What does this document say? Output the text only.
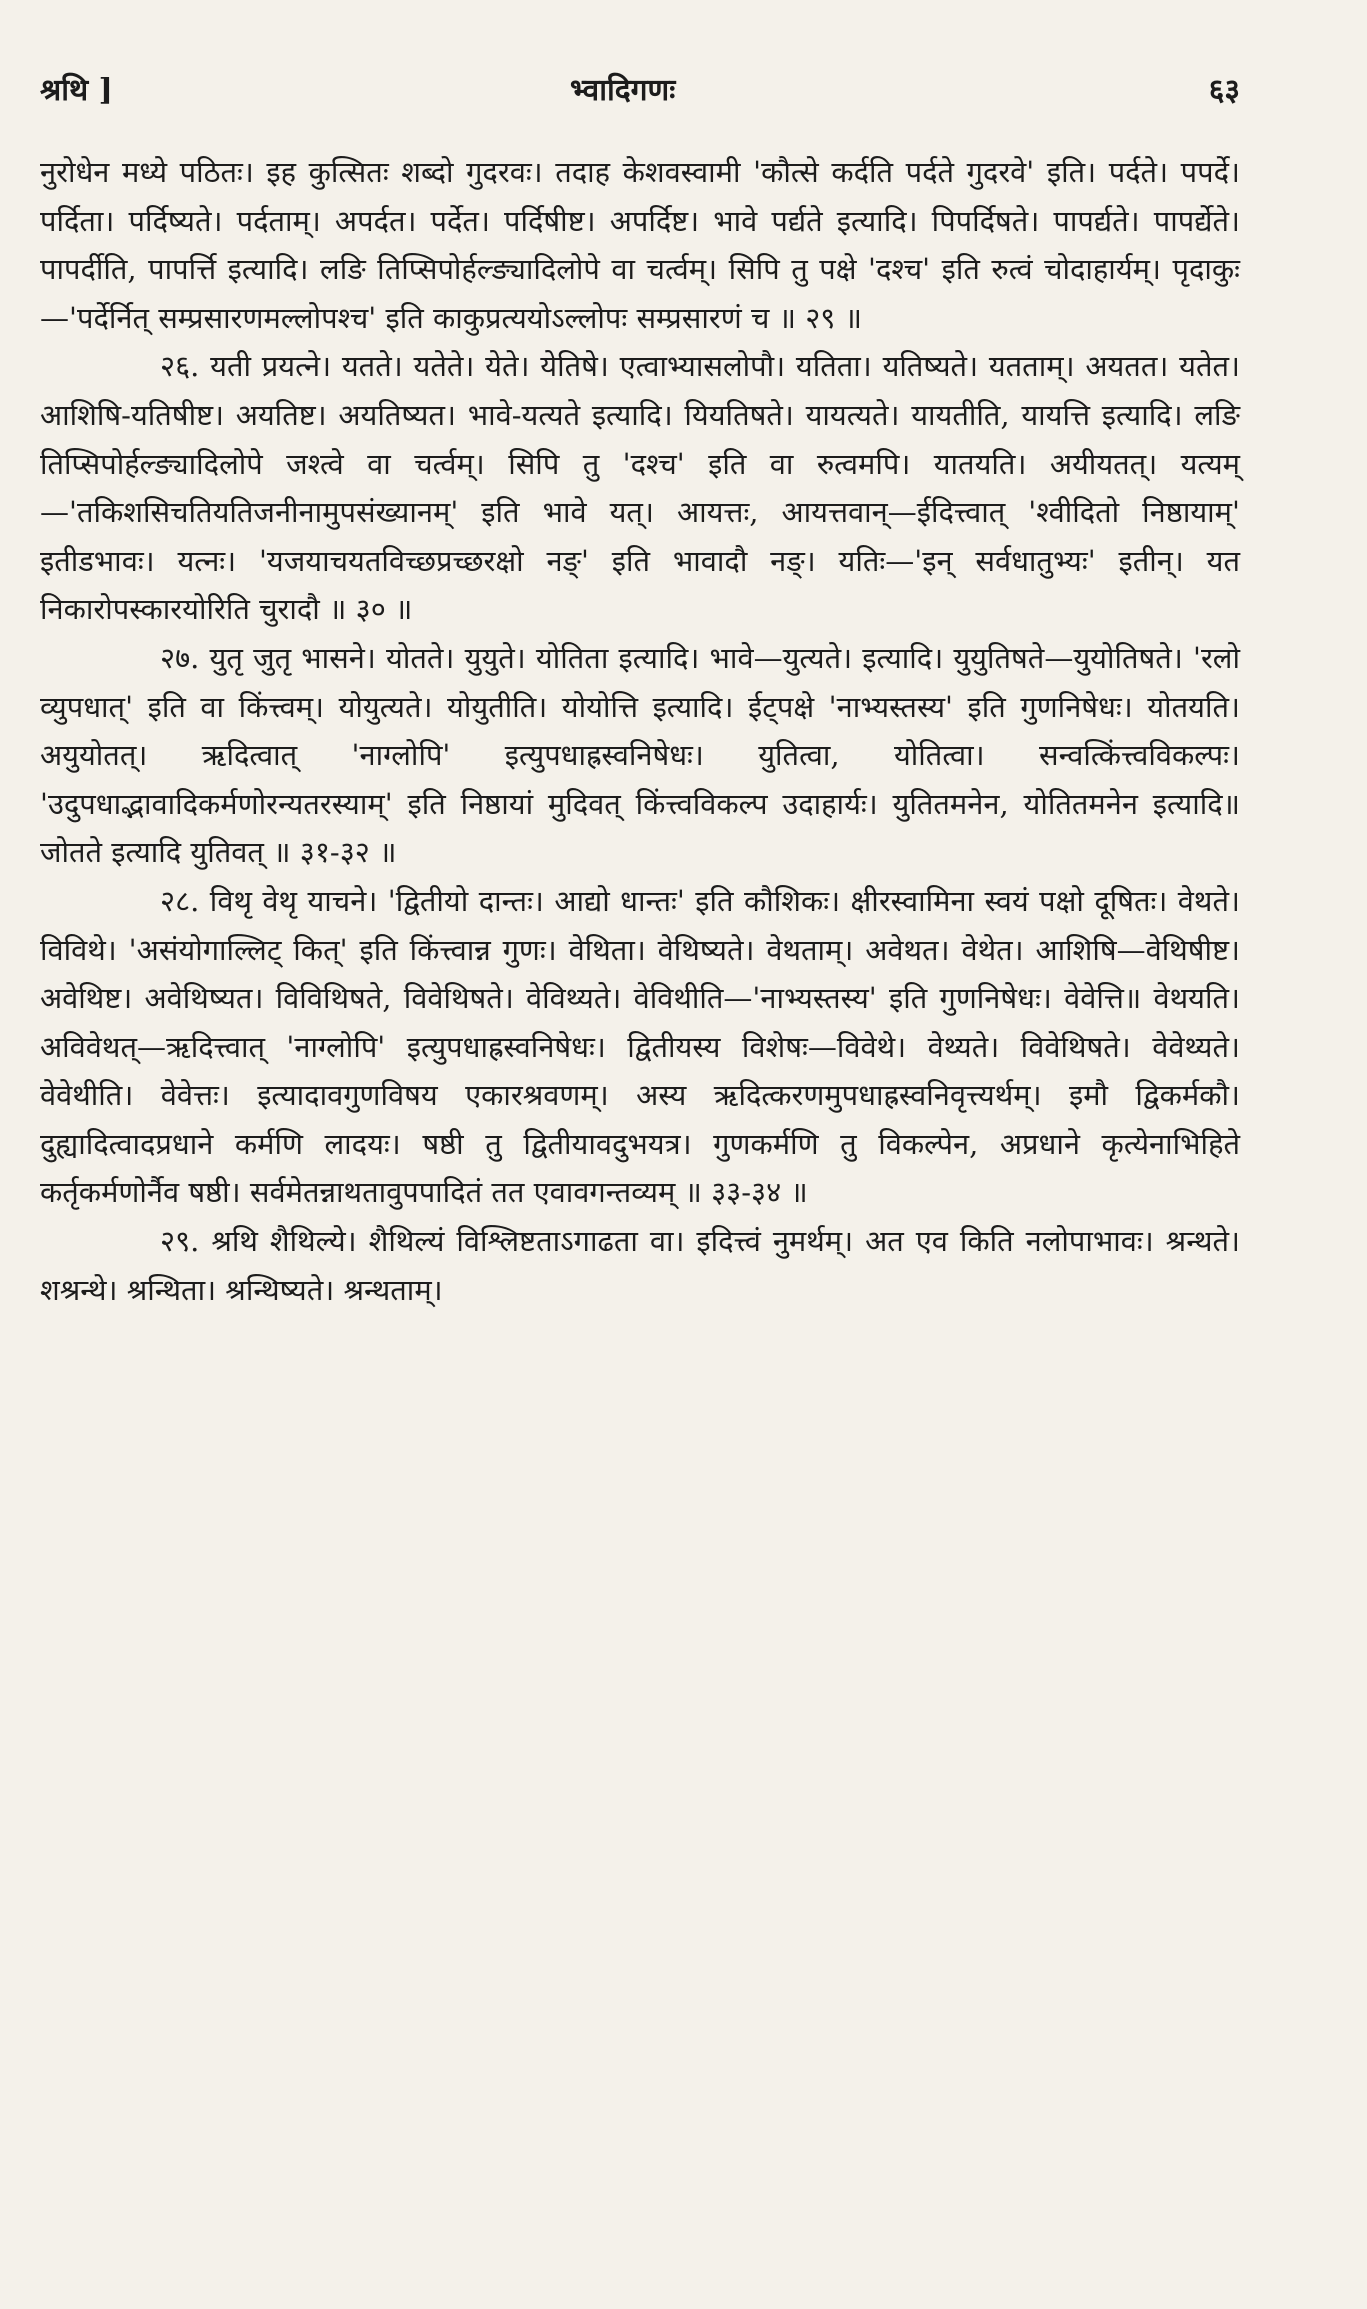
श्रथि ]	भ्वादिगणः	६३

नुरोधेन मध्ये पठितः। इह कुत्सितः शब्दो गुदरवः। तदाह केशवस्वामी 'कौत्से कर्दति पर्दते गुदरवे' इति। पर्दते। पपर्दे। पर्दिता। पर्दिष्यते। पर्दताम्। अपर्दत। पर्देत। पर्दिषीष्ट। अपर्दिष्ट। भावे पर्द्यते इत्यादि। पिपर्दिषते। पापर्द्यते। पापर्द्येते। पापर्दीति, पापर्त्ति इत्यादि। लङि तिप्सिपोर्हल्ङ्यादिलोपे वा चर्त्वम्। सिपि तु पक्षे 'दश्च' इति रुत्वं चोदाहार्यम्। पृदाकुः—'पर्देर्नित् सम्प्रसारणमल्लोपश्च' इति काकुप्रत्ययोऽल्लोपः सम्प्रसारणं च ॥ २९ ॥

२६. यती प्रयत्ने। यतते। यतेते। येते। येतिषे। एत्वाभ्यासलोपौ। यतिता। यतिष्यते। यतताम्। अयतत। यतेत। आशिषि-यतिषीष्ट। अयतिष्ट। अयतिष्यत। भावे-यत्यते इत्यादि। यियतिषते। यायत्यते। यायतीति, यायत्ति इत्यादि। लङि तिप्सिपोर्हल्ङ्यादिलोपे जश्त्वे वा चर्त्वम्। सिपि तु 'दश्च' इति वा रुत्वमपि। यातयति। अयीयतत्। यत्यम्—'तकिशसिचतियतिजनीनामुपसंख्यानम्' इति भावे यत्। आयत्तः, आयत्तवान्—ईदित्त्वात् 'श्वीदितो निष्ठायाम्' इतीडभावः। यत्नः। 'यजयाचयतविच्छप्रच्छरक्षो नङ्' इति भावादौ नङ्। यतिः—'इन् सर्वधातुभ्यः' इतीन्। यत निकारोपस्कारयोरिति चुरादौ ॥ ३० ॥

२७. युतृ जुतृ भासने। योतते। युयुते। योतिता इत्यादि। भावे—युत्यते। इत्यादि। युयुतिषते—युयोतिषते। 'रलो व्युपधात्' इति वा किंत्त्वम्। योयुत्यते। योयुतीति। योयोत्ति इत्यादि। ईट्पक्षे 'नाभ्यस्तस्य' इति गुणनिषेधः। योतयति। अयुयोतत्। ऋदित्वात् 'नाग्लोपि' इत्युपधाह्रस्वनिषेधः। युतित्वा, योतित्वा। सन्वत्किंत्त्वविकल्पः। 'उदुपधाद्भावादिकर्मणोरन्यतरस्याम्' इति निष्ठायां मुदिवत् किंत्त्वविकल्प उदाहार्यः। युतितमनेन, योतितमनेन इत्यादि॥ जोतते इत्यादि युतिवत् ॥ ३१-३२ ॥

२८. विथृ वेथृ याचने। 'द्वितीयो दान्तः। आद्यो धान्तः' इति कौशिकः। क्षीरस्वामिना स्वयं पक्षो दूषितः। वेथते। विविथे। 'असंयोगाल्लिट् कित्' इति किंत्त्वान्न गुणः। वेथिता। वेथिष्यते। वेथताम्। अवेथत। वेथेत। आशिषि—वेथिषीष्ट। अवेथिष्ट। अवेथिष्यत। विविथिषते, विवेथिषते। वेविथ्यते। वेविथीति—'नाभ्यस्तस्य' इति गुणनिषेधः। वेवेत्ति॥ वेथयति। अविवेथत्—ऋदित्त्वात् 'नाग्लोपि' इत्युपधाह्रस्वनिषेधः। द्वितीयस्य विशेषः—विवेथे। वेथ्यते। विवेथिषते। वेवेथ्यते। वेवेथीति। वेवेत्तः। इत्यादावगुणविषय एकारश्रवणम्। अस्य ऋदित्करणमुपधाह्रस्वनिवृत्त्यर्थम्। इमौ द्विकर्मकौ। दुह्यादित्वादप्रधाने कर्मणि लादयः। षष्ठी तु द्वितीयावदुभयत्र। गुणकर्मणि तु विकल्पेन, अप्रधाने कृत्येनाभिहिते कर्तृकर्मणोर्नैव षष्ठी। सर्वमेतन्नाथतावुपपादितं तत एवावगन्तव्यम् ॥ ३३-३४ ॥

२९. श्रथि शैथिल्ये। शैथिल्यं विश्लिष्टताऽगाढता वा। इदित्त्वं नुमर्थम्। अत एव किति नलोपाभावः। श्रन्थते। शश्रन्थे। श्रन्थिता। श्रन्थिष्यते। श्रन्थताम्।
